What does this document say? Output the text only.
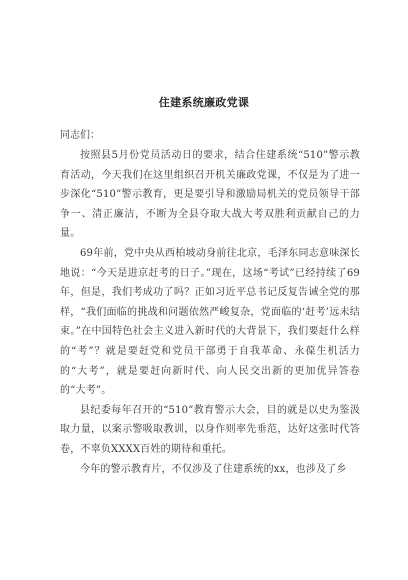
住建系统廉政党课
同志们：

按照县5月份党员活动日的要求，结合住建系统“510”警示教育活动，今天我们在这里组织召开机关廉政党课，不仅是为了进一步深化“510”警示教育，更是要引导和激励局机关的党员领导干部争一、清正廉洁，不断为全县夺取大战大考双胜利贡献自己的力量。

69年前，党中央从西柏坡动身前往北京，毛泽东同志意味深长地说：“今天是进京赶考的日子。”现在，这场“考试”已经持续了69年，但是，我们考成功了吗？正如习近平总书记反复告诫全党的那样，“我们面临的挑战和问题依然严峻复杂，党面临的‘赶考’远未结束。”在中国特色社会主义进入新时代的大背景下，我们要赶什么样的“考”？就是要赶党和党员干部勇于自我革命、永葆生机活力的“大考”，就是要赶向新时代、向人民交出新的更加优异答卷的“大考”。

县纪委每年召开的“510”教育警示大会，目的就是以史为鉴汲取力量，以案示警吸取教训，以身作则率先垂范，达好这张时代答卷，不辜负XXXX百姓的期待和重托。

今年的警示教育片，不仅涉及了住建系统的xx，也涉及了乡
